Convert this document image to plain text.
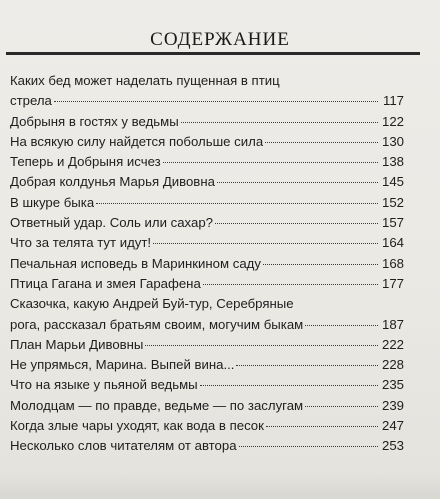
СОДЕРЖАНИЕ
Каких бед может наделать пущенная в птиц
стрела	117
Добрыня в гостях у ведьмы	122
На всякую силу найдется побольше сила	130
Теперь и Добрыня исчез	138
Добрая колдунья Марья Дивовна	145
В шкуре быка	152
Ответный удар. Соль или сахар?	157
Что за телята тут идут!	164
Печальная исповедь в Маринкином саду	168
Птица Гагана и змея Гарафена	177
Сказочка, какую Андрей Буй-тур, Серебряные
рога, рассказал братьям своим, могучим быкам	187
План Марьи Дивовны	222
Не упрямься, Марина. Выпей вина...	228
Что на языке у пьяной ведьмы	235
Молодцам — по правде, ведьме — по заслугам	239
Когда злые чары уходят, как вода в песок	247
Несколько слов читателям от автора	253
